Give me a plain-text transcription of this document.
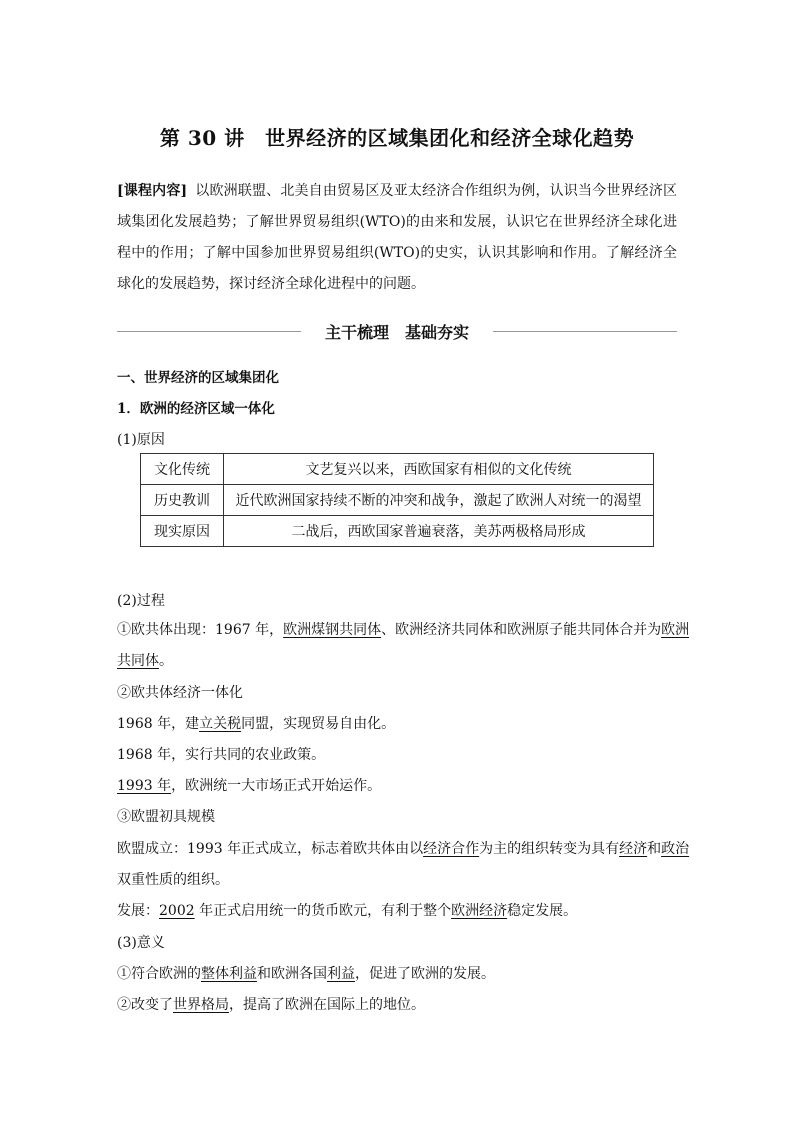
第 30 讲　世界经济的区域集团化和经济全球化趋势
[课程内容] 以欧洲联盟、北美自由贸易区及亚太经济合作组织为例，认识当今世界经济区域集团化发展趋势；了解世界贸易组织(WTO)的由来和发展，认识它在世界经济全球化进程中的作用；了解中国参加世界贸易组织(WTO)的史实，认识其影响和作用。了解经济全球化的发展趋势，探讨经济全球化进程中的问题。
主干梳理　基础夯实
一、世界经济的区域集团化
1．欧洲的经济区域一体化
(1)原因
文化传统	文艺复兴以来，西欧国家有相似的文化传统
历史教训	近代欧洲国家持续不断的冲突和战争，激起了欧洲人对统一的渴望
现实原因	二战后，西欧国家普遍衰落，美苏两极格局形成
(2)过程
①欧共体出现：1967 年，欧洲煤钢共同体、欧洲经济共同体和欧洲原子能共同体合并为欧洲
共同体。
②欧共体经济一体化
1968 年，建立关税同盟，实现贸易自由化。
1968 年，实行共同的农业政策。
1993 年，欧洲统一大市场正式开始运作。
③欧盟初具规模
欧盟成立：1993 年正式成立，标志着欧共体由以经济合作为主的组织转变为具有经济和政治
双重性质的组织。
发展：2002 年正式启用统一的货币欧元，有利于整个欧洲经济稳定发展。
(3)意义
①符合欧洲的整体利益和欧洲各国利益，促进了欧洲的发展。
②改变了世界格局，提高了欧洲在国际上的地位。
